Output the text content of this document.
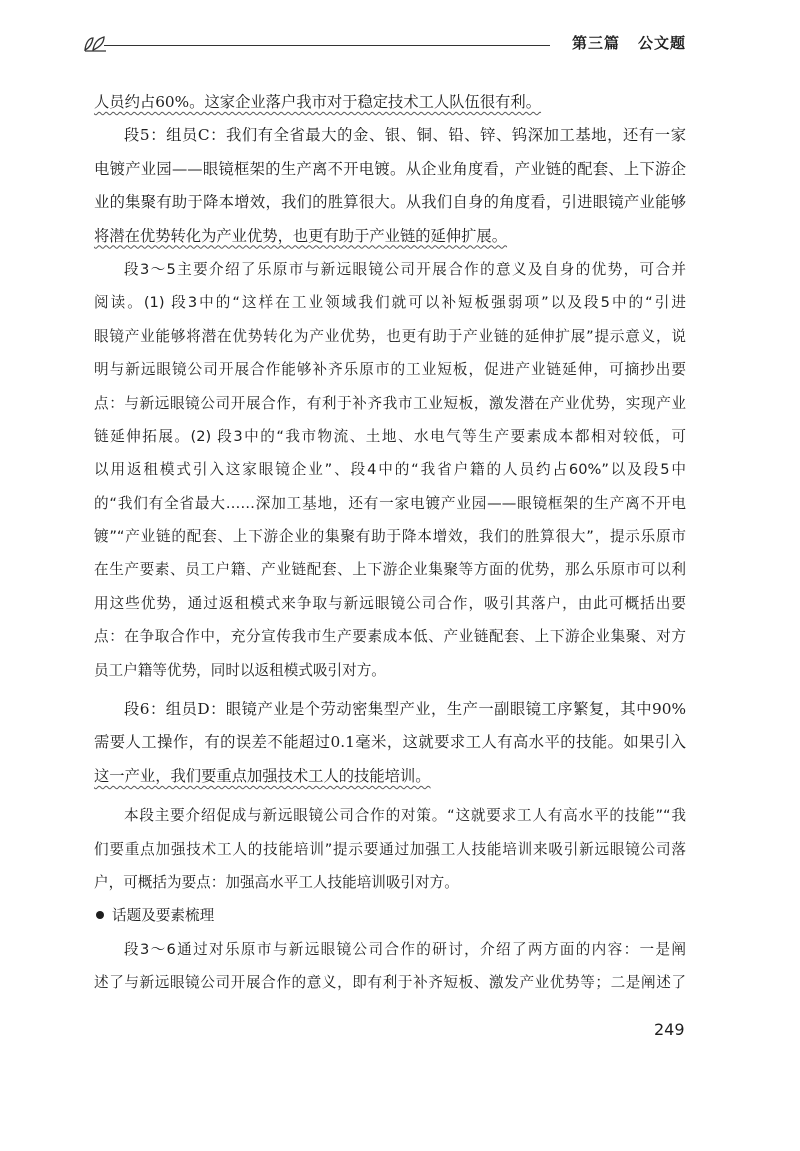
第三篇 公文题
人员约占60%。这家企业落户我市对于稳定技术工人队伍很有利。
段5：组员C：我们有全省最大的金、银、铜、铅、锌、钨深加工基地，还有一家
电镀产业园——眼镜框架的生产离不开电镀。从企业角度看，产业链的配套、上下游企
业的集聚有助于降本增效，我们的胜算很大。从我们自身的角度看，引进眼镜产业能够
将潜在优势转化为产业优势，也更有助于产业链的延伸扩展。
段3～5主要介绍了乐原市与新远眼镜公司开展合作的意义及自身的优势，可合并
阅读。(1) 段3中的“这样在工业领域我们就可以补短板强弱项”以及段5中的“引进
眼镜产业能够将潜在优势转化为产业优势，也更有助于产业链的延伸扩展”提示意义，说
明与新远眼镜公司开展合作能够补齐乐原市的工业短板，促进产业链延伸，可摘抄出要
点：与新远眼镜公司开展合作，有利于补齐我市工业短板，激发潜在产业优势，实现产业
链延伸拓展。(2) 段3中的“我市物流、土地、水电气等生产要素成本都相对较低，可
以用返租模式引入这家眼镜企业”、段4中的“我省户籍的人员约占60%”以及段5中
的“我们有全省最大……深加工基地，还有一家电镀产业园——眼镜框架的生产离不开电
镀”“产业链的配套、上下游企业的集聚有助于降本增效，我们的胜算很大”，提示乐原市
在生产要素、员工户籍、产业链配套、上下游企业集聚等方面的优势，那么乐原市可以利
用这些优势，通过返租模式来争取与新远眼镜公司合作，吸引其落户，由此可概括出要
点：在争取合作中，充分宣传我市生产要素成本低、产业链配套、上下游企业集聚、对方
员工户籍等优势，同时以返租模式吸引对方。
段6：组员D：眼镜产业是个劳动密集型产业，生产一副眼镜工序繁复，其中90%
需要人工操作，有的误差不能超过0.1毫米，这就要求工人有高水平的技能。如果引入
这一产业，我们要重点加强技术工人的技能培训。
本段主要介绍促成与新远眼镜公司合作的对策。“这就要求工人有高水平的技能”“我
们要重点加强技术工人的技能培训”提示要通过加强工人技能培训来吸引新远眼镜公司落
户，可概括为要点：加强高水平工人技能培训吸引对方。
话题及要素梳理
段3～6通过对乐原市与新远眼镜公司合作的研讨，介绍了两方面的内容：一是阐
述了与新远眼镜公司开展合作的意义，即有利于补齐短板、激发产业优势等；二是阐述了
249
